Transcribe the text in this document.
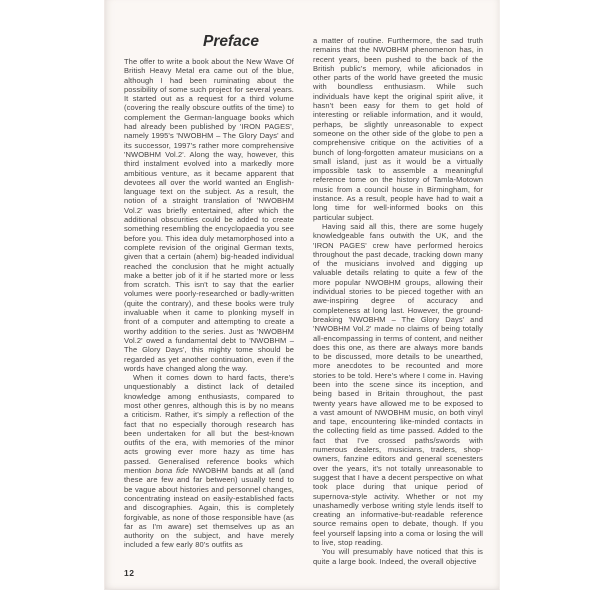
Preface

The offer to write a book about the New Wave Of British Heavy Metal era came out of the blue, although I had been ruminating about the possibility of some such project for several years. It started out as a request for a third volume (covering the really obscure outfits of the time) to complement the German-language books which had already been published by 'IRON PAGES', namely 1995's 'NWOBHM – The Glory Days' and its successor, 1997's rather more comprehensive 'NWOBHM Vol.2'. Along the way, however, this third instalment evolved into a markedly more ambitious venture, as it became apparent that devotees all over the world wanted an English-language text on the subject. As a result, the notion of a straight translation of 'NWOBHM Vol.2' was briefly entertained, after which the additional obscurities could be added to create something resembling the encyclopaedia you see before you. This idea duly metamorphosed into a complete revision of the original German texts, given that a certain (ahem) big-headed individual reached the conclusion that he might actually make a better job of it if he started more or less from scratch. This isn't to say that the earlier volumes were poorly-researched or badly-written (quite the contrary), and these books were truly invaluable when it came to plonking myself in front of a computer and attempting to create a worthy addition to the series. Just as 'NWOBHM Vol.2' owed a fundamental debt to 'NWOBHM – The Glory Days', this mighty tome should be regarded as yet another continuation, even if the words have changed along the way.

When it comes down to hard facts, there's unquestionably a distinct lack of detailed knowledge among enthusiasts, compared to most other genres, although this is by no means a criticism. Rather, it's simply a reflection of the fact that no especially thorough research has been undertaken for all but the best-known outfits of the era, with memories of the minor acts growing ever more hazy as time has passed. Generalised reference books which mention bona fide NWOBHM bands at all (and these are few and far between) usually tend to be vague about histories and personnel changes, concentrating instead on easily-established facts and discographies. Again, this is completely forgivable, as none of those responsible have (as far as I'm aware) set themselves up as an authority on the subject, and have merely included a few early 80's outfits as

a matter of routine. Furthermore, the sad truth remains that the NWOBHM phenomenon has, in recent years, been pushed to the back of the British public's memory, while aficionados in other parts of the world have greeted the music with boundless enthusiasm. While such individuals have kept the original spirit alive, it hasn't been easy for them to get hold of interesting or reliable information, and it would, perhaps, be slightly unreasonable to expect someone on the other side of the globe to pen a comprehensive critique on the activities of a bunch of long-forgotten amateur musicians on a small island, just as it would be a virtually impossible task to assemble a meaningful reference tome on the history of Tamla-Motown music from a council house in Birmingham, for instance. As a result, people have had to wait a long time for well-informed books on this particular subject.

Having said all this, there are some hugely knowledgeable fans outwith the UK, and the 'IRON PAGES' crew have performed heroics throughout the past decade, tracking down many of the musicians involved and digging up valuable details relating to quite a few of the more popular NWOBHM groups, allowing their individual stories to be pieced together with an awe-inspiring degree of accuracy and completeness at long last. However, the ground-breaking 'NWOBHM – The Glory Days' and 'NWOBHM Vol.2' made no claims of being totally all-encompassing in terms of content, and neither does this one, as there are always more bands to be discussed, more details to be unearthed, more anecdotes to be recounted and more stories to be told. Here's where I come in. Having been into the scene since its inception, and being based in Britain throughout, the past twenty years have allowed me to be exposed to a vast amount of NWOBHM music, on both vinyl and tape, encountering like-minded contacts in the collecting field as time passed. Added to the fact that I've crossed paths/swords with numerous dealers, musicians, traders, shop-owners, fanzine editors and general scenesters over the years, it's not totally unreasonable to suggest that I have a decent perspective on what took place during that unique period of supernova-style activity. Whether or not my unashamedly verbose writing style lends itself to creating an informative-but-readable reference source remains open to debate, though. If you feel yourself lapsing into a coma or losing the will to live, stop reading.

You will presumably have noticed that this is quite a large book. Indeed, the overall objective

12
